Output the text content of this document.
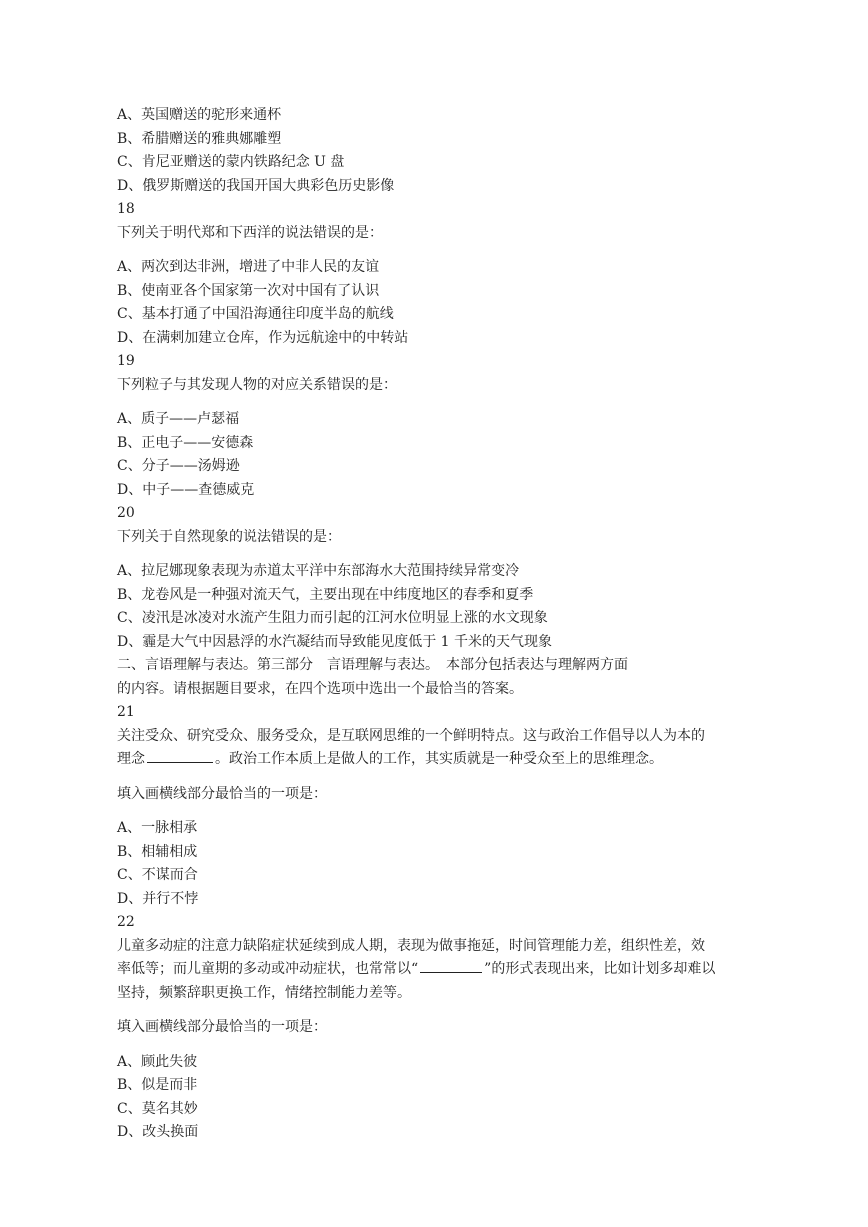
A、英国赠送的驼形来通杯
B、希腊赠送的雅典娜雕塑
C、肯尼亚赠送的蒙内铁路纪念 U 盘
D、俄罗斯赠送的我国开国大典彩色历史影像
18
下列关于明代郑和下西洋的说法错误的是：
A、两次到达非洲，增进了中非人民的友谊
B、使南亚各个国家第一次对中国有了认识
C、基本打通了中国沿海通往印度半岛的航线
D、在满剌加建立仓库，作为远航途中的中转站
19
下列粒子与其发现人物的对应关系错误的是：
A、质子——卢瑟福
B、正电子——安德森
C、分子——汤姆逊
D、中子——查德威克
20
下列关于自然现象的说法错误的是：
A、拉尼娜现象表现为赤道太平洋中东部海水大范围持续异常变冷
B、龙卷风是一种强对流天气，主要出现在中纬度地区的春季和夏季
C、凌汛是冰凌对水流产生阻力而引起的江河水位明显上涨的水文现象
D、霾是大气中因悬浮的水汽凝结而导致能见度低于 1 千米的天气现象
二、言语理解与表达。第三部分　言语理解与表达。　本部分包括表达与理解两方面
的内容。请根据题目要求，在四个选项中选出一个最恰当的答案。
21
关注受众、研究受众、服务受众，是互联网思维的一个鲜明特点。这与政治工作倡导以人为本的
理念	。政治工作本质上是做人的工作，其实质就是一种受众至上的思维理念。
填入画横线部分最恰当的一项是：
A、一脉相承
B、相辅相成
C、不谋而合
D、并行不悖
22
儿童多动症的注意力缺陷症状延续到成人期，表现为做事拖延，时间管理能力差，组织性差，效
率低等；而儿童期的多动或冲动症状，也常常以“	”的形式表现出来，比如计划多却难以
坚持，频繁辞职更换工作，情绪控制能力差等。
填入画横线部分最恰当的一项是：
A、顾此失彼
B、似是而非
C、莫名其妙
D、改头换面
